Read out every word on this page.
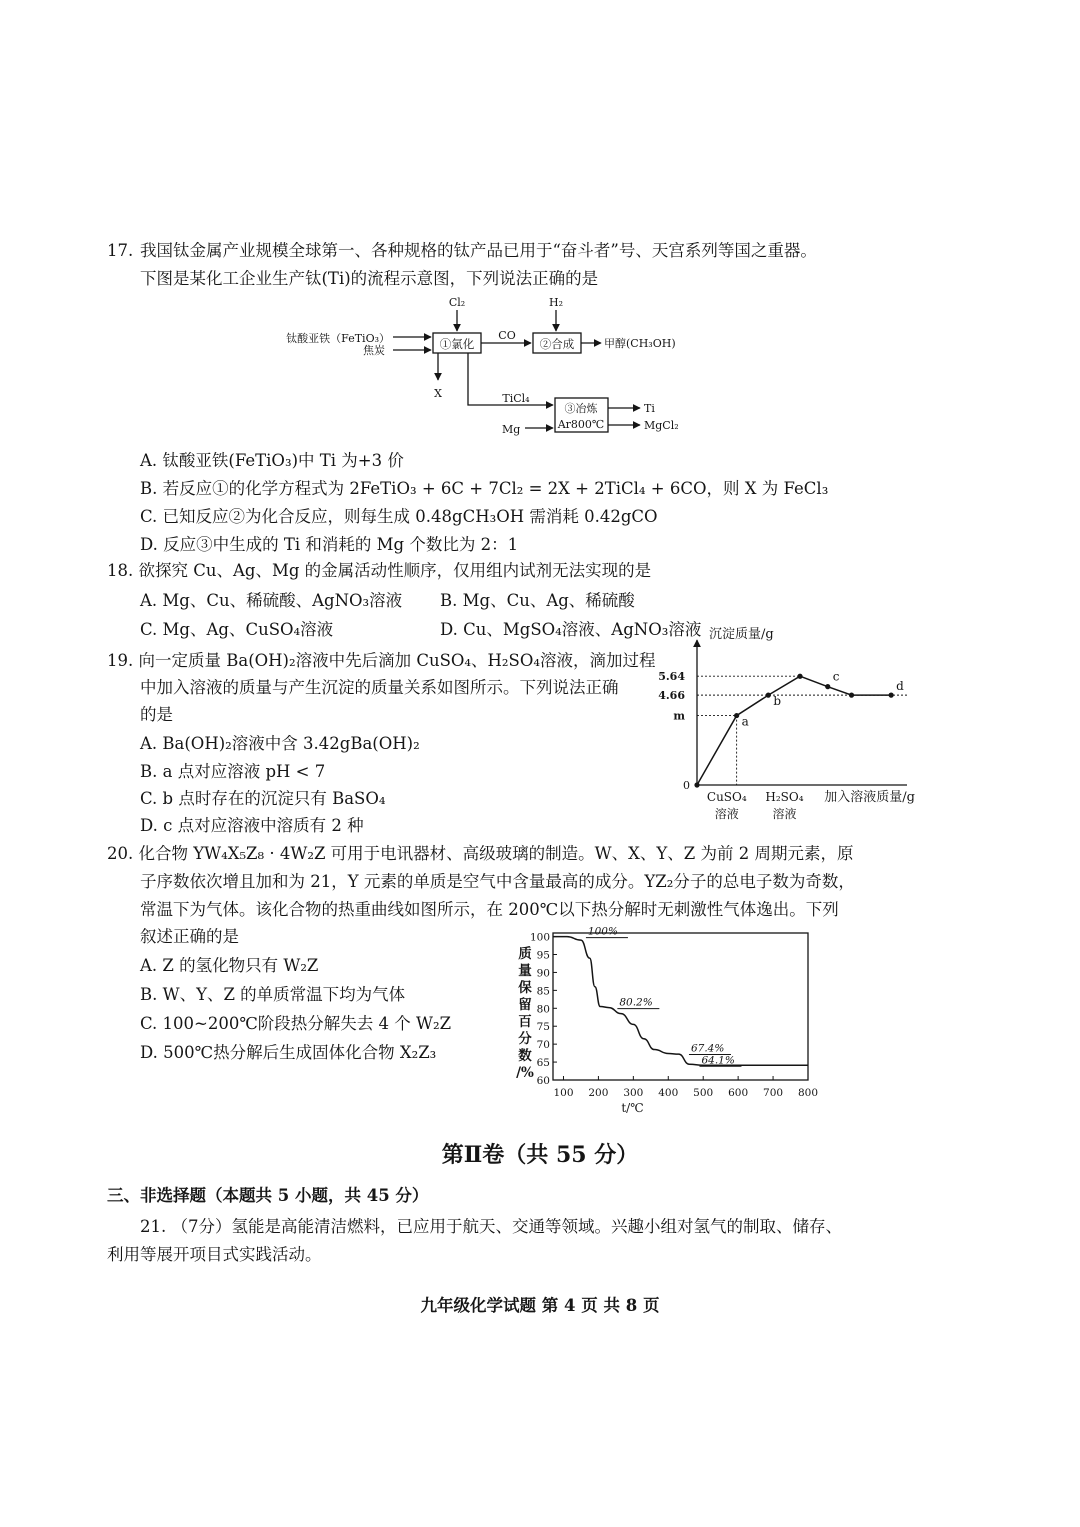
17. 我国钛金属产业规模全球第一、各种规格的钛产品已用于“奋斗者”号、天宫系列等国之重器。
下图是某化工企业生产钛(Ti)的流程示意图，下列说法正确的是
钛酸亚铁（FeTiO₃）
焦炭
Cl₂	H₂
①氯化
CO
②合成	甲醇(CH₃OH)
X	TiCl₄
③冶炼
Ar800℃
Mg
Ti
MgCl₂
A. 钛酸亚铁(FeTiO₃)中 Ti 为+3 价
B. 若反应①的化学方程式为 2FeTiO₃ + 6C + 7Cl₂ = 2X + 2TiCl₄ + 6CO，则 X 为 FeCl₃
C. 已知反应②为化合反应，则每生成 0.48gCH₃OH 需消耗 0.42gCO
D. 反应③中生成的 Ti 和消耗的 Mg 个数比为 2：1
18. 欲探究 Cu、Ag、Mg 的金属活动性顺序，仅用组内试剂无法实现的是
A. Mg、Cu、稀硫酸、AgNO₃溶液 B. Mg、Cu、Ag、稀硫酸
C. Mg、Ag、CuSO₄溶液	D. Cu、MgSO₄溶液、AgNO₃溶液
19. 向一定质量 Ba(OH)₂溶液中先后滴加 CuSO₄、H₂SO₄溶液，滴加过程
中加入溶液的质量与产生沉淀的质量关系如图所示。下列说法正确
的是
A. Ba(OH)₂溶液中含 3.42gBa(OH)₂
B. a 点对应溶液 pH < 7
C. b 点时存在的沉淀只有 BaSO₄
D. c 点对应溶液中溶质有 2 种
沉淀质量/g
加入溶液质量/g
0
5.64
4.66
m	a
b
c
d
CuSO₄
溶液
H₂SO₄
溶液
20. 化合物 YW₄X₅Z₈ · 4W₂Z 可用于电讯器材、高级玻璃的制造。W、X、Y、Z 为前 2 周期元素，原
子序数依次增且加和为 21，Y 元素的单质是空气中含量最高的成分。YZ₂分子的总电子数为奇数，
常温下为气体。该化合物的热重曲线如图所示，在 200℃以下热分解时无刺激性气体逸出。下列
叙述正确的是
A. Z 的氢化物只有 W₂Z
B. W、Y、Z 的单质常温下均为气体
C. 100~200℃阶段热分解失去 4 个 W₂Z
D. 500℃热分解后生成固体化合物 X₂Z₃
60
65
70
75
80
85
90
95
100
100 200 300 400 500 600 700 800
t/℃
质
量
保
留
百
分
数
/%
100%
80.2%
67.4%
64.1%
第Ⅱ卷（共 55 分）
三、非选择题（本题共 5 小题，共 45 分）
21. （7分）氢能是高能清洁燃料，已应用于航天、交通等领域。兴趣小组对氢气的制取、储存、
利用等展开项目式实践活动。
九年级化学试题 第 4 页 共 8 页
